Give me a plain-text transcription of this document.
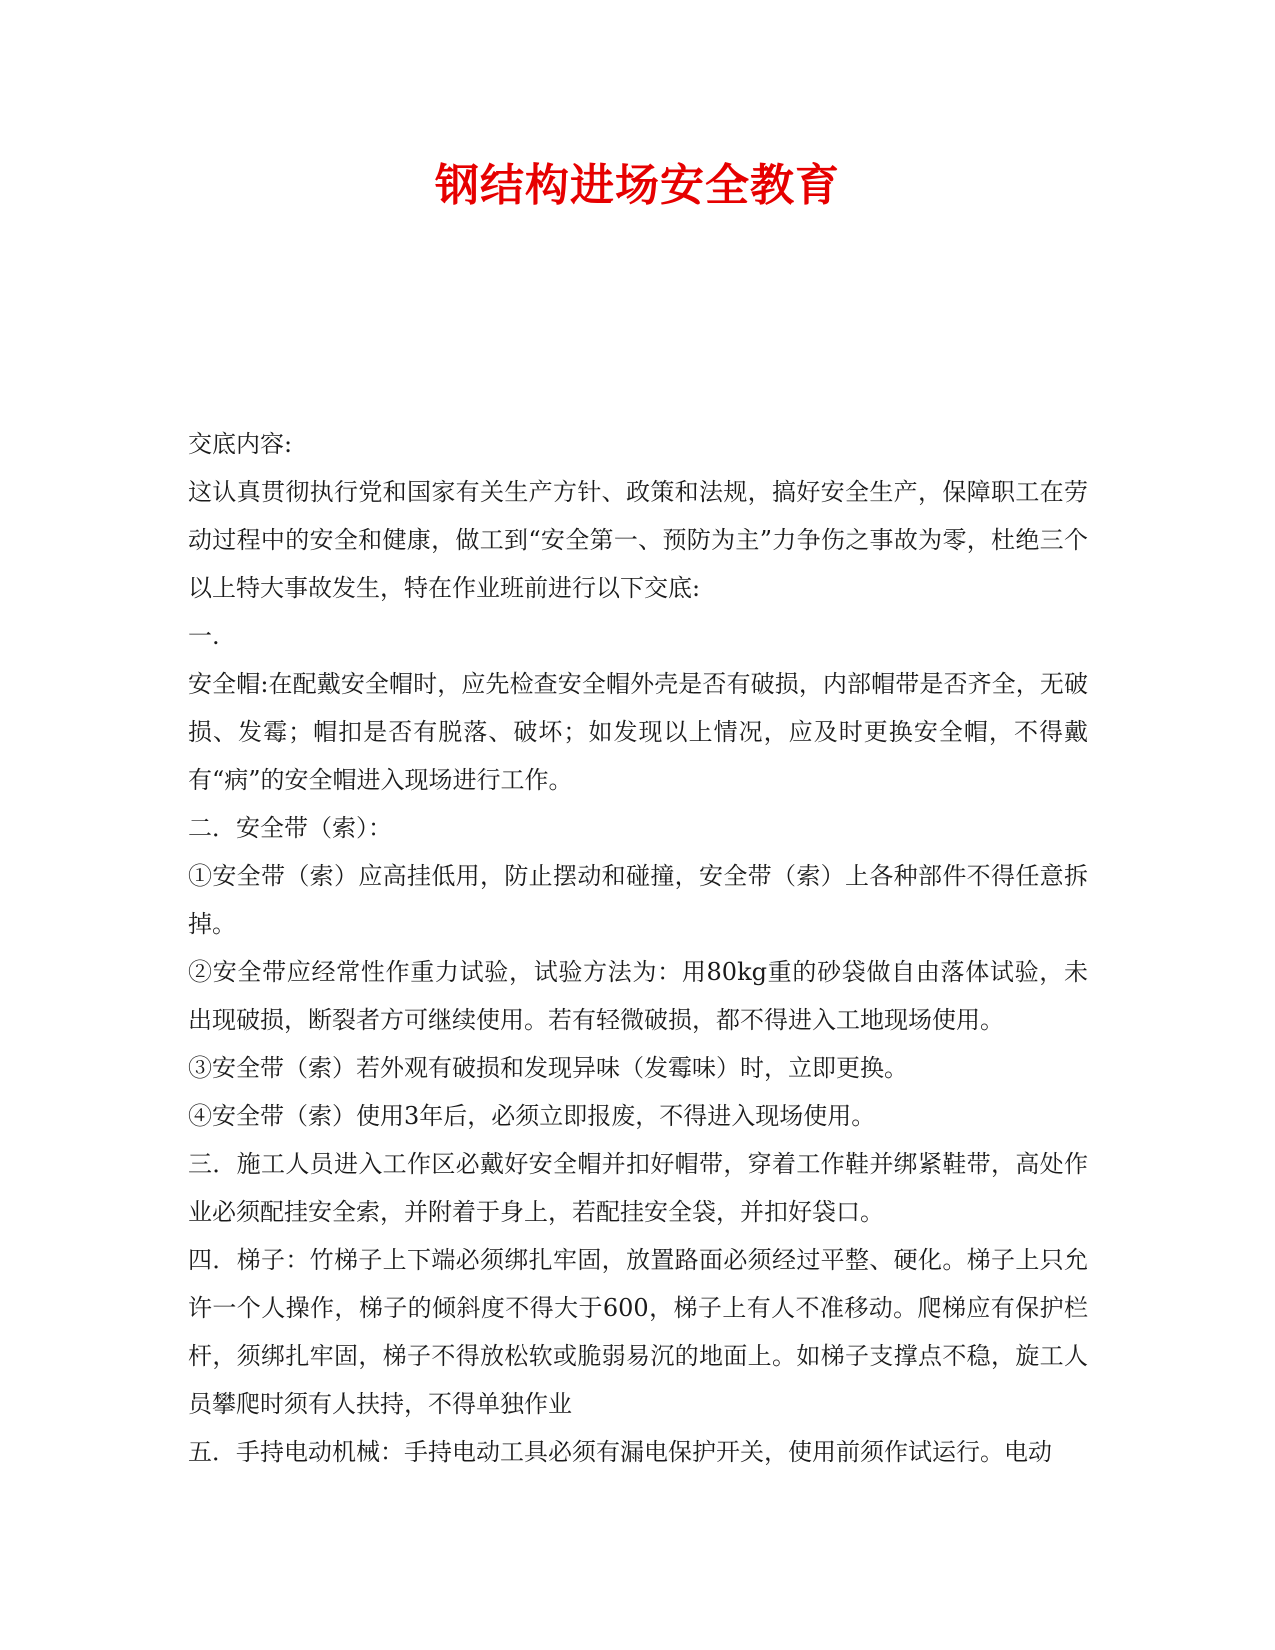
钢结构进场安全教育

交底内容:

这认真贯彻执行党和国家有关生产方针、政策和法规，搞好安全生产，保障职工在劳动过程中的安全和健康，做工到“安全第一、预防为主”力争伤之事故为零，杜绝三个以上特大事故发生，特在作业班前进行以下交底:

一.

安全帽:在配戴安全帽时，应先检查安全帽外壳是否有破损，内部帽带是否齐全，无破损、发霉；帽扣是否有脱落、破坏；如发现以上情况，应及时更换安全帽，不得戴有“病”的安全帽进入现场进行工作。

二．安全带（索）：

①安全带（索）应高挂低用，防止摆动和碰撞，安全带（索）上各种部件不得任意拆掉。

②安全带应经常性作重力试验，试验方法为：用80kg重的砂袋做自由落体试验，未出现破损，断裂者方可继续使用。若有轻微破损，都不得进入工地现场使用。

③安全带（索）若外观有破损和发现异味（发霉味）时，立即更换。

④安全带（索）使用3年后，必须立即报废，不得进入现场使用。

三．施工人员进入工作区必戴好安全帽并扣好帽带，穿着工作鞋并绑紧鞋带，高处作业必须配挂安全索，并附着于身上，若配挂安全袋，并扣好袋口。

四．梯子：竹梯子上下端必须绑扎牢固，放置路面必须经过平整、硬化。梯子上只允许一个人操作，梯子的倾斜度不得大于600，梯子上有人不准移动。爬梯应有保护栏杆，须绑扎牢固，梯子不得放松软或脆弱易沉的地面上。如梯子支撑点不稳，旋工人员攀爬时须有人扶持，不得单独作业

五．手持电动机械：手持电动工具必须有漏电保护开关，使用前须作试运行。电动
